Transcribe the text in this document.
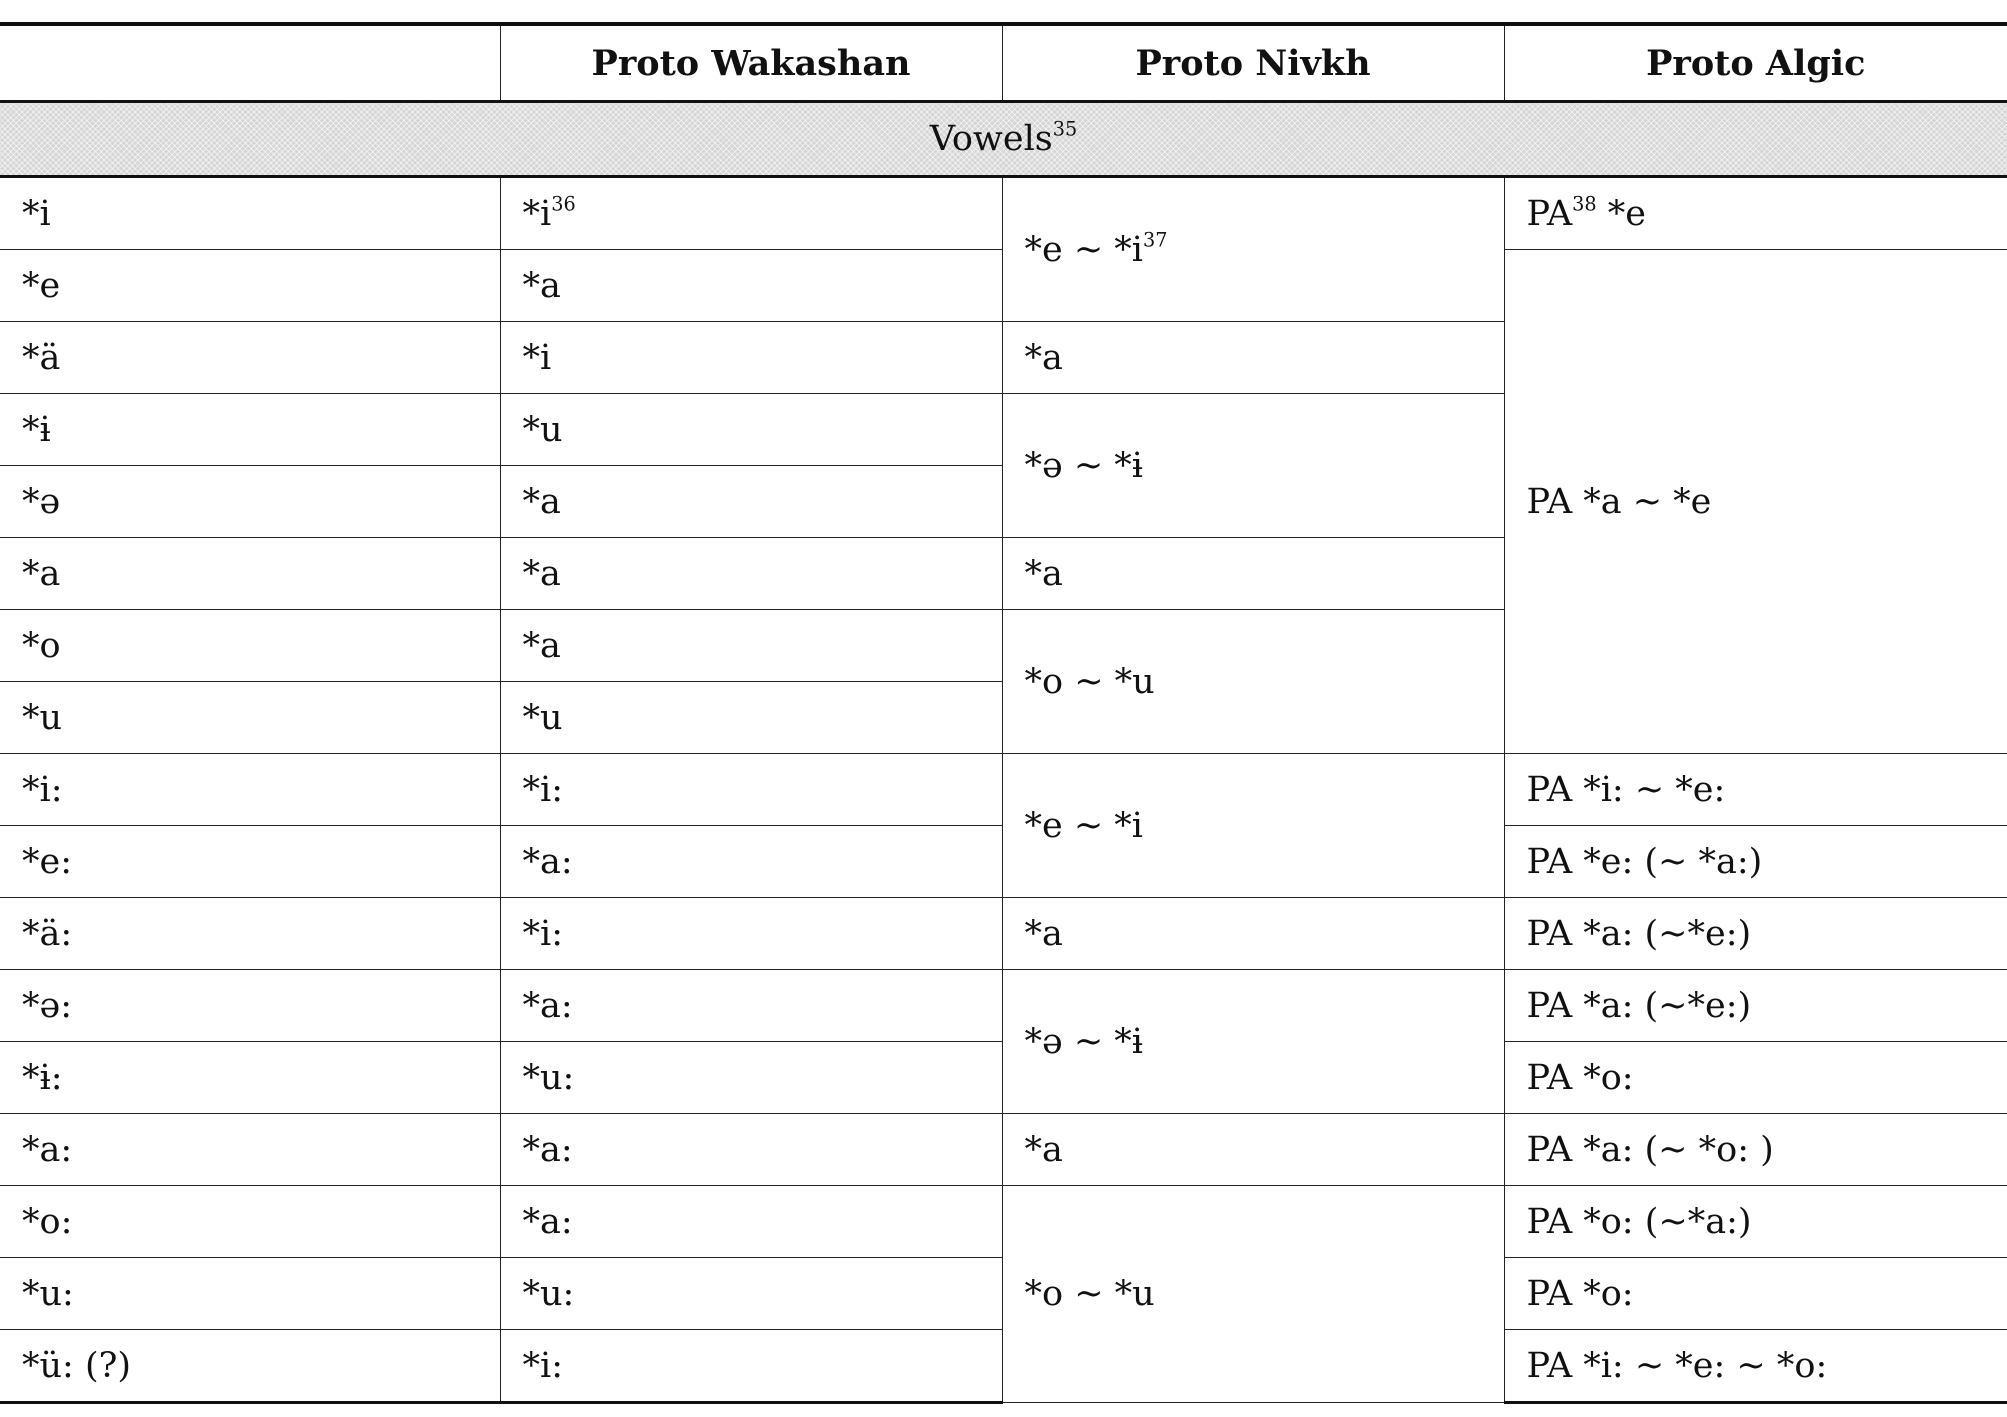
	Proto Wakashan	Proto Nivkh	Proto Algic
Vowels$^{35}$
*i	$*i^{36}$	*e ~ $*i^{37}$	PA$^{38}$ *e
*e	*a		PA *a ~ *e
*ä	*i	*a	
*ɨ	*u	*ə ~ *ɨ	
*ə	*a		
*a	*a	*a	
*o	*a	*o ~ *u	
*u	*u		
*i:	*i:	*e ~ *i	PA *i: ~ *e:
*e:	*a:		PA *e: (~ *a:)
*ä:	*i:	*a	PA *a: (~*e:)
*ə:	*a:	*ə ~ *ɨ	PA *a: (~*e:)
*ɨ:	*u:		PA *o:
*a:	*a:	*a	PA *a: (~ *o: )
*o:	*a:	*o ~ *u	PA *o: (~*a:)
*u:	*u:		PA *o:
*ü: (?)	*i:		PA *i: ~ *e: ~ *o:
